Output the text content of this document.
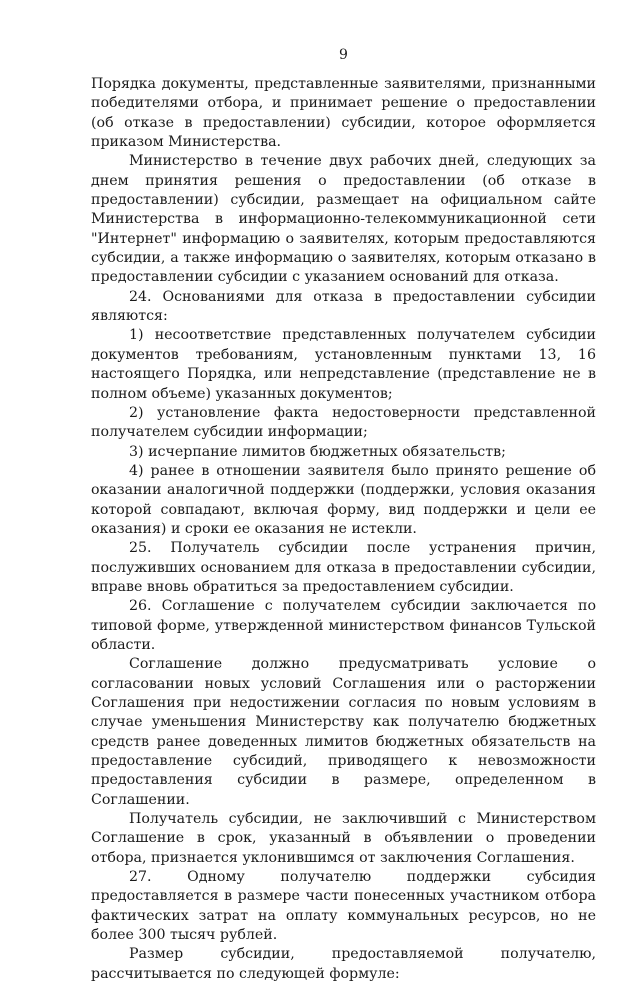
9

Порядка документы, представленные заявителями, признанными победителями отбора, и принимает решение о предоставлении (об отказе в предоставлении) субсидии, которое оформляется приказом Министерства.

Министерство в течение двух рабочих дней, следующих за днем принятия решения о предоставлении (об отказе в предоставлении) субсидии, размещает на официальном сайте Министерства в информационно-телекоммуникационной сети "Интернет" информацию о заявителях, которым предоставляются субсидии, а также информацию о заявителях, которым отказано в предоставлении субсидии с указанием оснований для отказа.

24. Основаниями для отказа в предоставлении субсидии являются:

1) несоответствие представленных получателем субсидии документов требованиям, установленным пунктами 13, 16 настоящего Порядка, или непредставление (представление не в полном объеме) указанных документов;

2) установление факта недостоверности представленной получателем субсидии информации;

3) исчерпание лимитов бюджетных обязательств;

4) ранее в отношении заявителя было принято решение об оказании аналогичной поддержки (поддержки, условия оказания которой совпадают, включая форму, вид поддержки и цели ее оказания) и сроки ее оказания не истекли.

25. Получатель субсидии после устранения причин, послуживших основанием для отказа в предоставлении субсидии, вправе вновь обратиться за предоставлением субсидии.

26. Соглашение с получателем субсидии заключается по типовой форме, утвержденной министерством финансов Тульской области.

Соглашение должно предусматривать условие о согласовании новых условий Соглашения или о расторжении Соглашения при недостижении согласия по новым условиям в случае уменьшения Министерству как получателю бюджетных средств ранее доведенных лимитов бюджетных обязательств на предоставление субсидий, приводящего к невозможности предоставления субсидии в размере, определенном в Соглашении.

Получатель субсидии, не заключивший с Министерством Соглашение в срок, указанный в объявлении о проведении отбора, признается уклонившимся от заключения Соглашения.

27. Одному получателю поддержки субсидия предоставляется в размере части понесенных участником отбора фактических затрат на оплату коммунальных ресурсов, но не более 300 тысяч рублей.

Размер субсидии, предоставляемой получателю, рассчитывается по следующей формуле:
